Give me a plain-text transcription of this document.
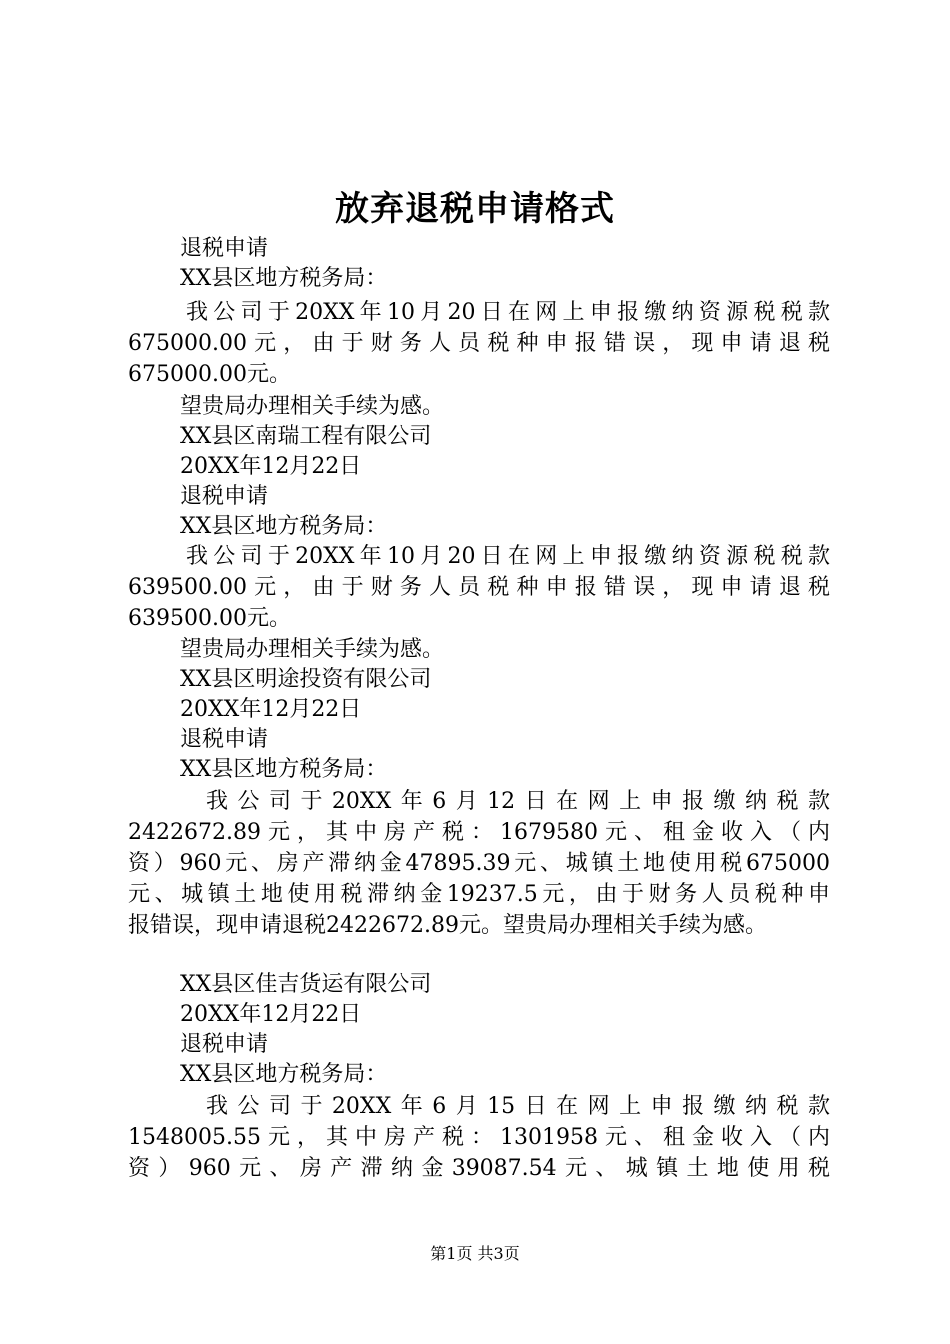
放弃退税申请格式
退税申请
XX县区地方税务局：
我公司于20XX年10月20日在网上申报缴纳资源税税款
675000.00元，由于财务人员税种申报错误，现申请退税
675000.00元。
望贵局办理相关手续为感。
XX县区南瑞工程有限公司
20XX年12月22日
退税申请
XX县区地方税务局：
我公司于20XX年10月20日在网上申报缴纳资源税税款
639500.00元，由于财务人员税种申报错误，现申请退税
639500.00元。
望贵局办理相关手续为感。
XX县区明途投资有限公司
20XX年12月22日
退税申请
XX县区地方税务局：
我公司于20XX年6月12日在网上申报缴纳税款
2422672.89元，其中房产税：1679580元、租金收入（内
资）960元、房产滞纳金47895.39元、城镇土地使用税675000
元、城镇土地使用税滞纳金19237.5元，由于财务人员税种申
报错误，现申请退税2422672.89元。望贵局办理相关手续为感。
XX县区佳吉货运有限公司
20XX年12月22日
退税申请
XX县区地方税务局：
我公司于20XX年6月15日在网上申报缴纳税款
1548005.55元，其中房产税：1301958元、租金收入（内
资）960元、房产滞纳金39087.54元、城镇土地使用税
第1页 共3页
